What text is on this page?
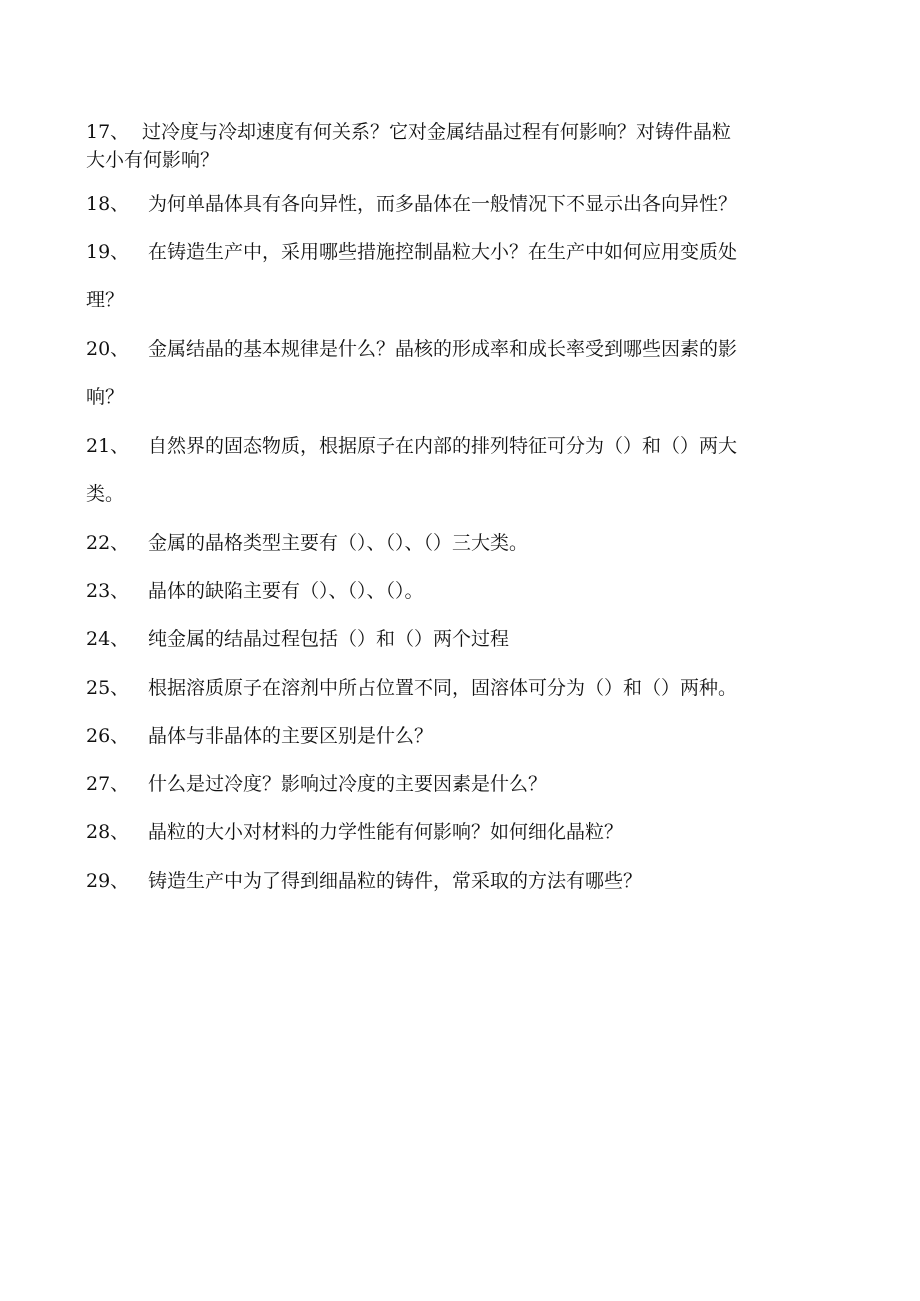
17、 过冷度与冷却速度有何关系？它对金属结晶过程有何影响？对铸件晶粒
大小有何影响？
18、 为何单晶体具有各向异性，而多晶体在一般情况下不显示出各向异性？
19、 在铸造生产中，采用哪些措施控制晶粒大小？在生产中如何应用变质处
理？
20、 金属结晶的基本规律是什么？晶核的形成率和成长率受到哪些因素的影
响？
21、 自然界的固态物质，根据原子在内部的排列特征可分为（）和（）两大
类。
22、 金属的晶格类型主要有（）、（）、（）三大类。
23、 晶体的缺陷主要有（）、（）、（）。
24、 纯金属的结晶过程包括（）和（）两个过程
25、 根据溶质原子在溶剂中所占位置不同，固溶体可分为（）和（）两种。
26、 晶体与非晶体的主要区别是什么？
27、 什么是过冷度？影响过冷度的主要因素是什么？
28、 晶粒的大小对材料的力学性能有何影响？如何细化晶粒？
29、 铸造生产中为了得到细晶粒的铸件，常采取的方法有哪些？
